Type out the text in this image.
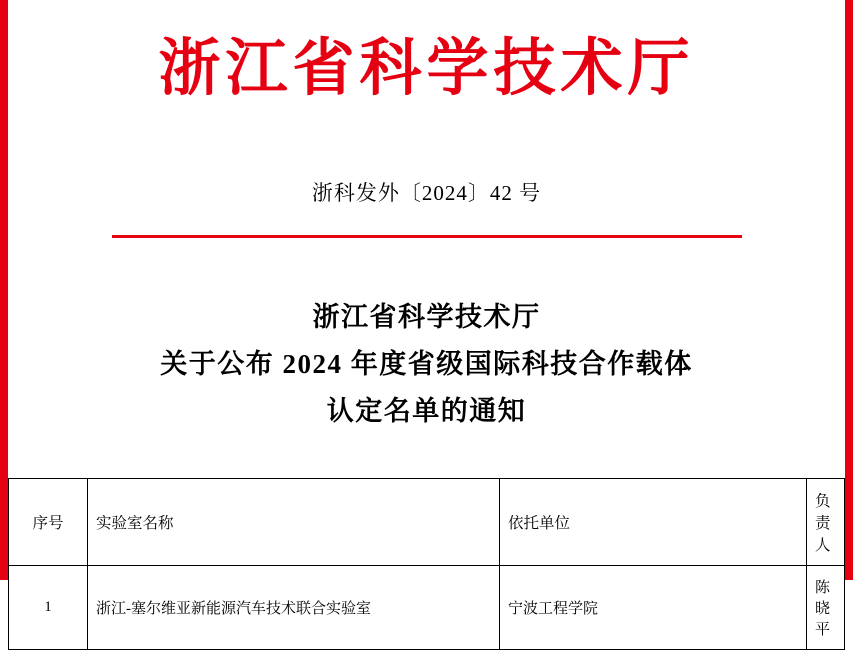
浙江省科学技术厅
浙科发外〔2024〕42 号
浙江省科学技术厅
关于公布 2024 年度省级国际科技合作载体
认定名单的通知
序号	实验室名称	依托单位	负责人
1	浙江-塞尔维亚新能源汽车技术联合实验室	宁波工程学院	陈晓平
